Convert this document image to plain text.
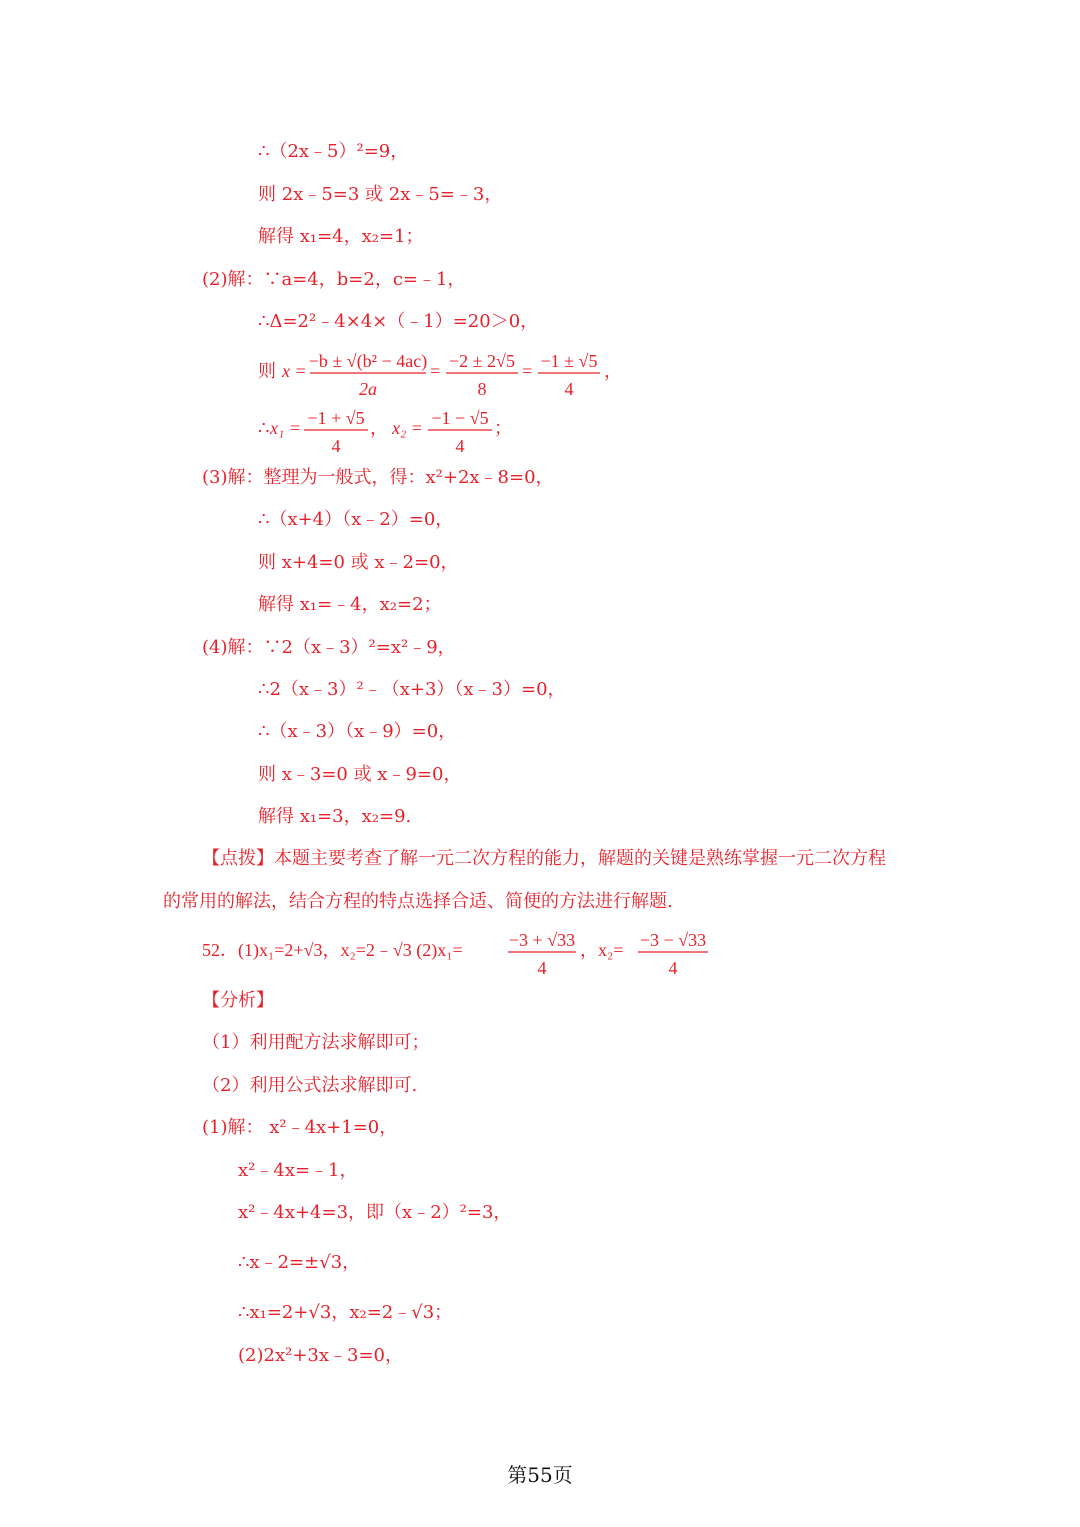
∴（2x﹣5）²=9，
则 2x﹣5=3 或 2x﹣5=﹣3，
解得 x₁=4，x₂=1；
(2)解：∵a=4，b=2，c=﹣1，
∴Δ=2²﹣4×4×（﹣1）=20＞0，
则 x = −b ± √(b² − 4ac)
2a
= −2 ± 2√5
8
= −1 ± √5
4
，
∴ x₁ = −1 + √5
4
， x₂ = −1 − √5
4
；
(3)解：整理为一般式，得：x²+2x﹣8=0，
∴（x+4）（x﹣2）=0，
则 x+4=0 或 x﹣2=0，
解得 x₁=﹣4，x₂=2；
(4)解：∵2（x﹣3）²=x²﹣9，
∴2（x﹣3）²﹣（x+3）（x﹣3）=0，
∴（x﹣3）（x﹣9）=0，
则 x﹣3=0 或 x﹣9=0，
解得 x₁=3，x₂=9.
【点拨】本题主要考查了解一元二次方程的能力，解题的关键是熟练掌握一元二次方程
的常用的解法，结合方程的特点选择合适、简便的方法进行解题.
52．(1)x₁=2+√3，x₂=2﹣√3 (2)x₁=	−3 + √33
4
，x₂= −3 − √33
4
【分析】
（1）利用配方法求解即可；
（2）利用公式法求解即可.
(1)解： x²﹣4x+1=0，
x²﹣4x=﹣1，
x²﹣4x+4=3，即（x﹣2）²=3，
∴x﹣2=±√3，
∴x₁=2+√3，x₂=2﹣√3；
(2)2x²+3x﹣3=0，
第55页
